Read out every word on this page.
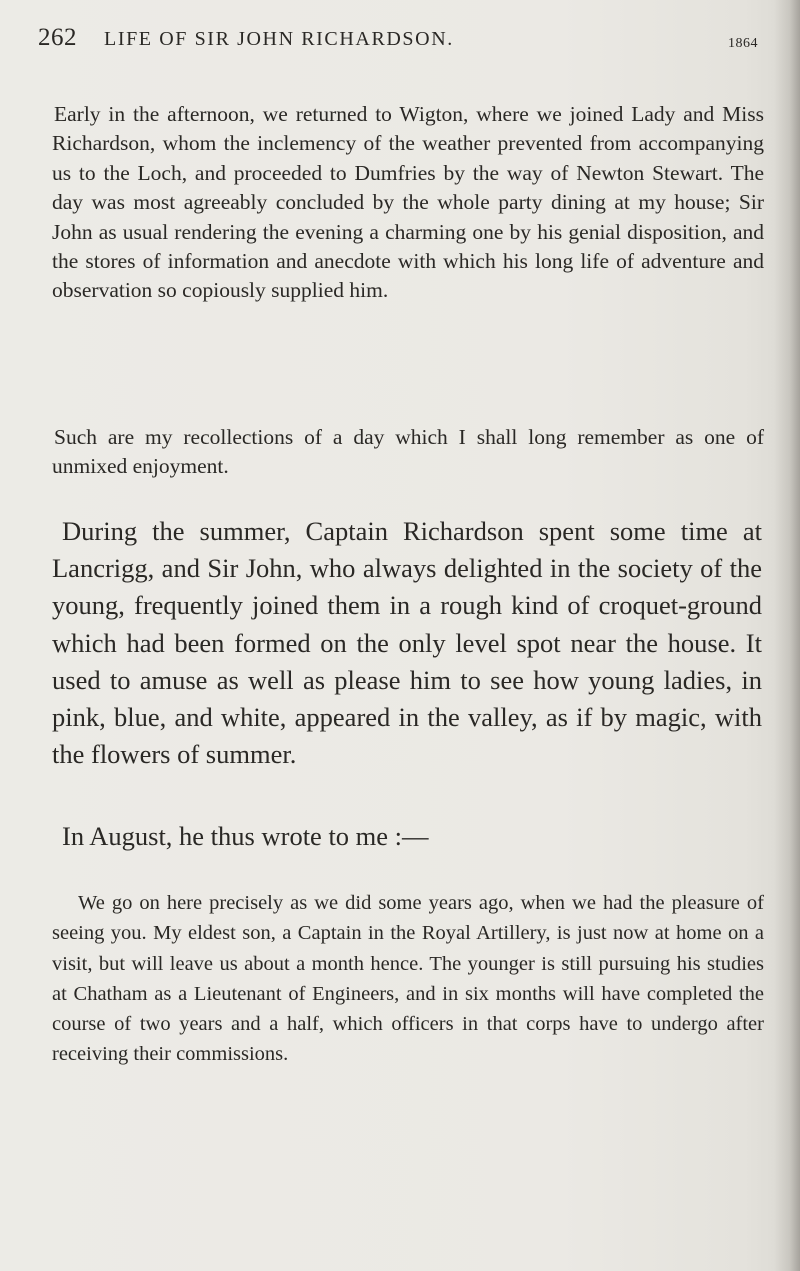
262 LIFE OF SIR JOHN RICHARDSON.	1864

Early in the afternoon, we returned to Wigton, where we joined Lady and Miss Richardson, whom the inclemency of the weather prevented from accompanying us to the Loch, and proceeded to Dumfries by the way of Newton Stewart. The day was most agreeably concluded by the whole party dining at my house; Sir John as usual rendering the evening a charming one by his genial disposition, and the stores of information and anecdote with which his long life of adventure and observation so copiously supplied him.

Such are my recollections of a day which I shall long remember as one of unmixed enjoyment.

During the summer, Captain Richardson spent some time at Lancrigg, and Sir John, who always delighted in the society of the young, frequently joined them in a rough kind of croquet-ground which had been formed on the only level spot near the house. It used to amuse as well as please him to see how young ladies, in pink, blue, and white, appeared in the valley, as if by magic, with the flowers of summer.

In August, he thus wrote to me :—

We go on here precisely as we did some years ago, when we had the pleasure of seeing you. My eldest son, a Captain in the Royal Artillery, is just now at home on a visit, but will leave us about a month hence. The younger is still pursuing his studies at Chatham as a Lieutenant of Engineers, and in six months will have completed the course of two years and a half, which officers in that corps have to undergo after receiving their commissions.
